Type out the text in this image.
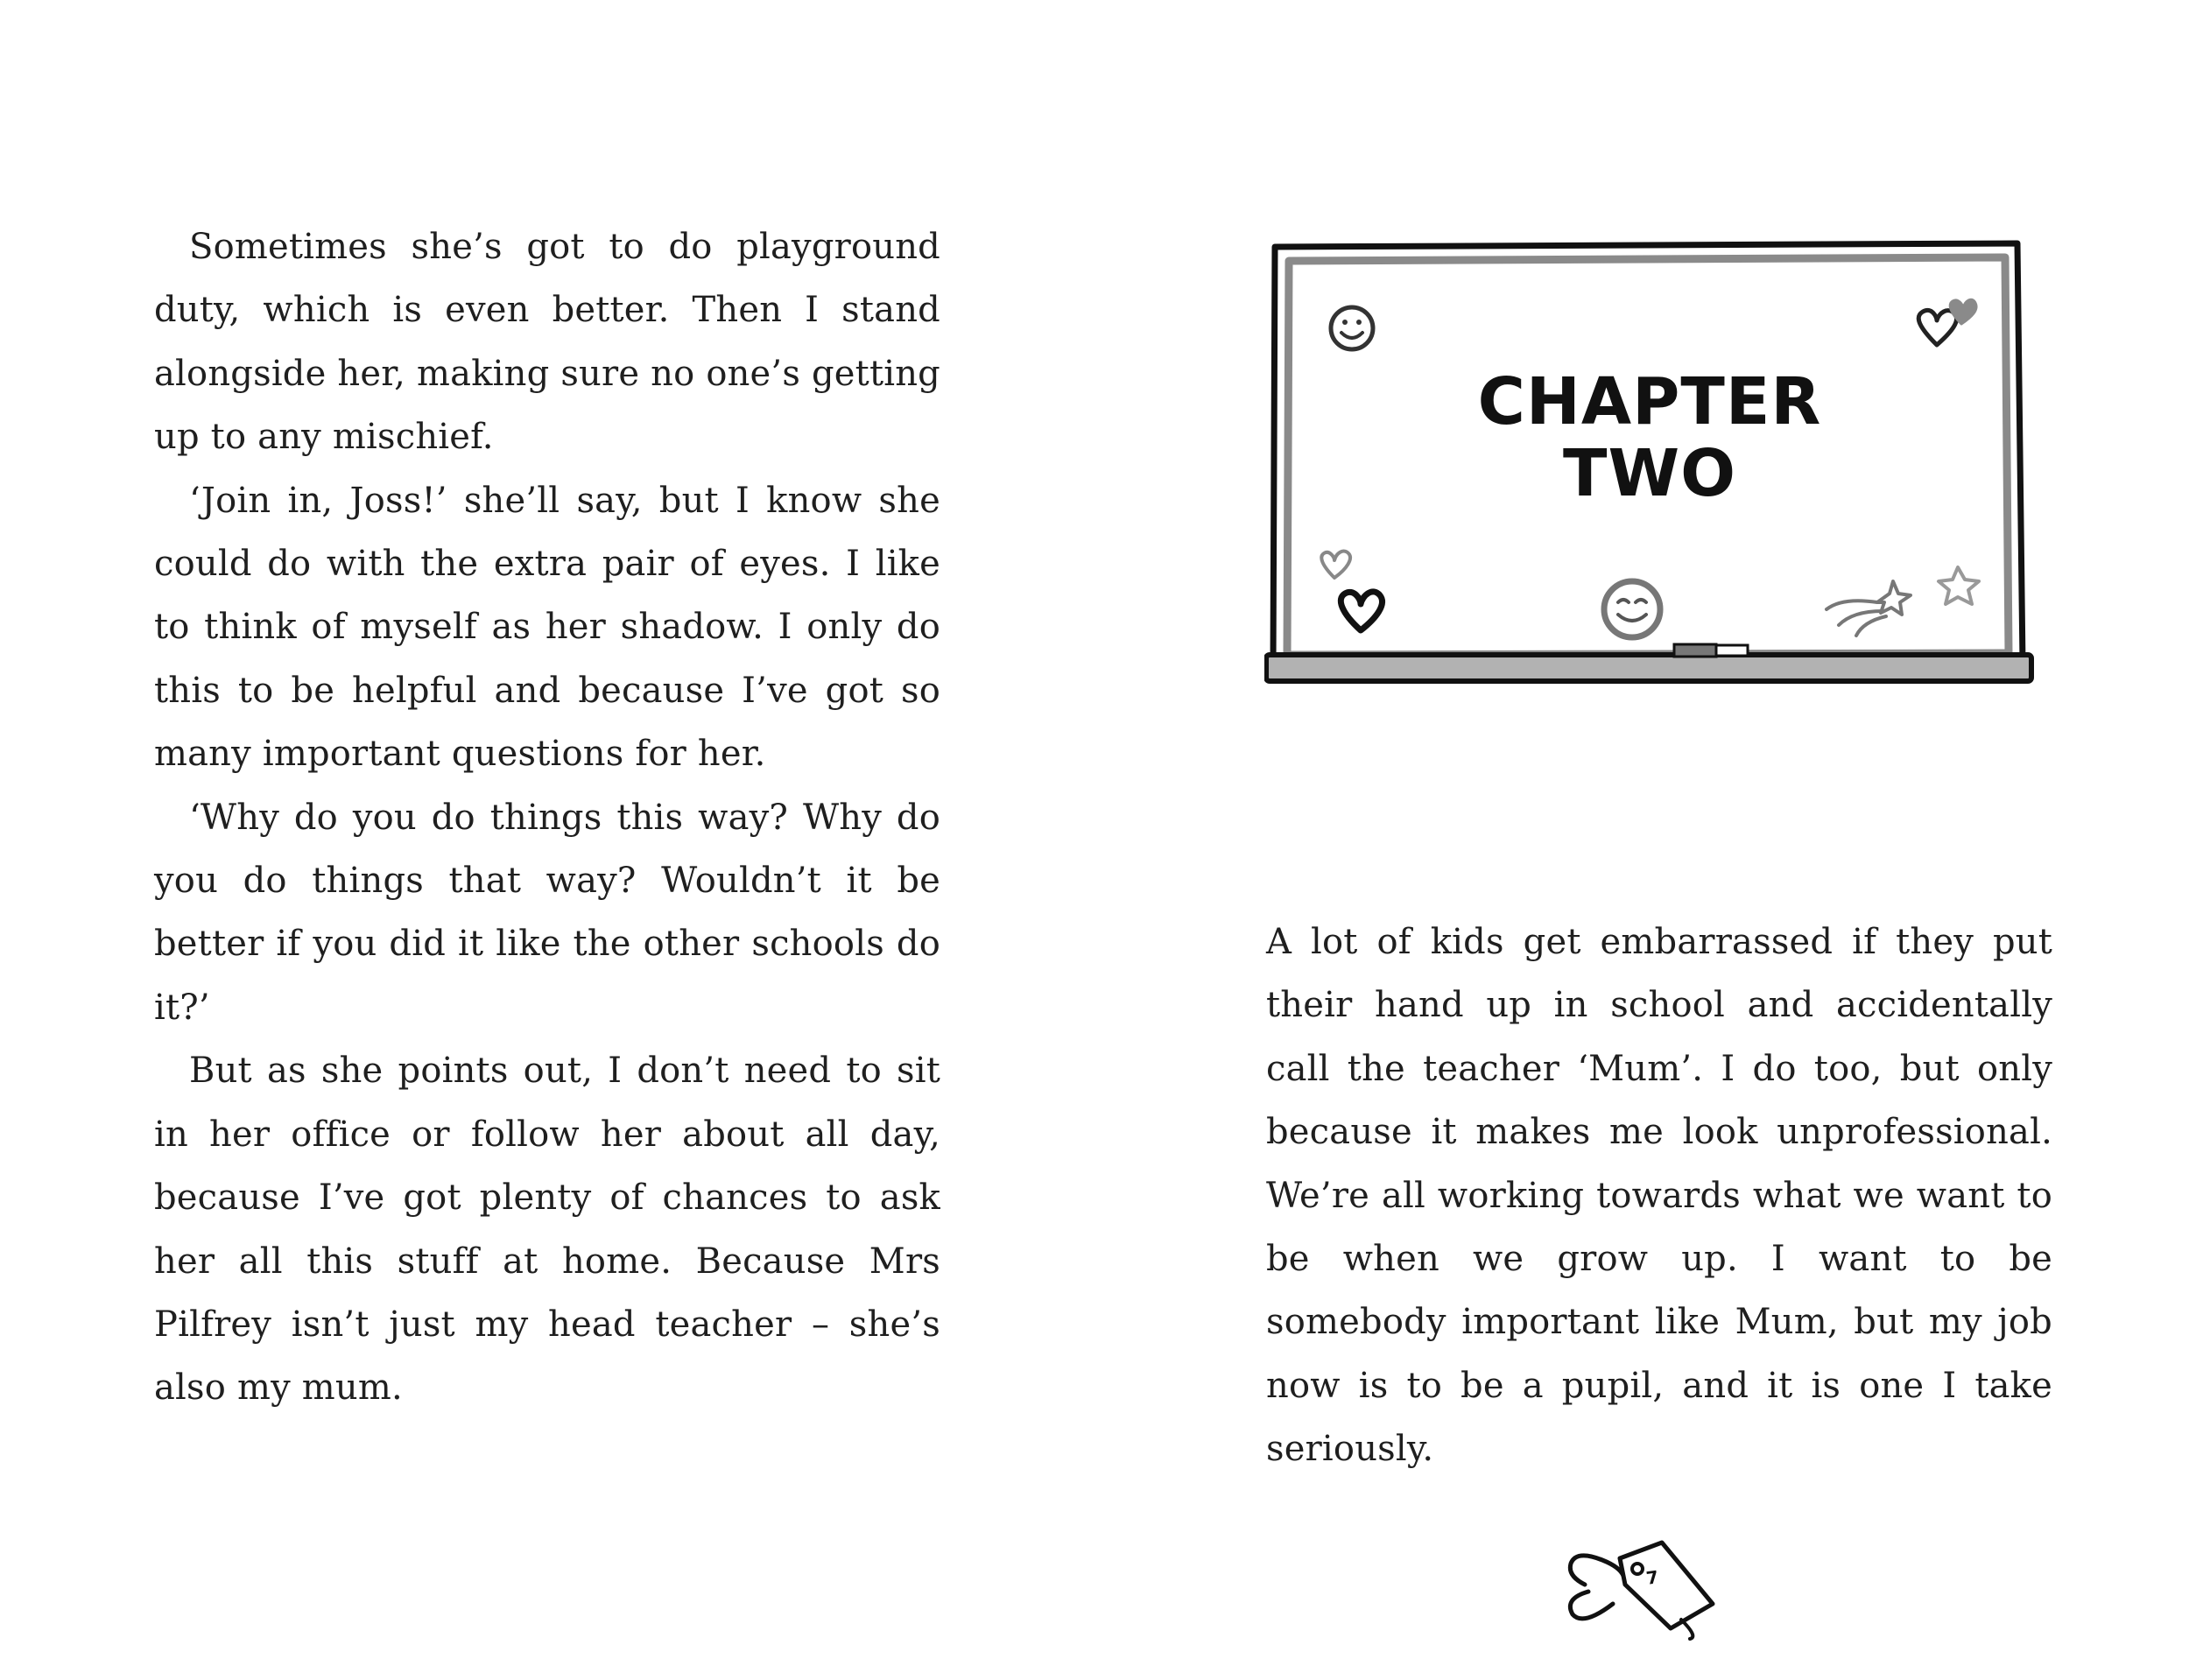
Sometimes she’s got to do playground duty, which is even better. Then I stand alongside her, making sure no one’s getting up to any mischief.

‘Join in, Joss!’ she’ll say, but I know she could do with the extra pair of eyes. I like to think of myself as her shadow. I only do this to be helpful and because I’ve got so many important questions for her.

‘Why do you do things this way? Why do you do things that way? Wouldn’t it be better if you did it like the other schools do it?’

But as she points out, I don’t need to sit in her office or follow her about all day, because I’ve got plenty of chances to ask her all this stuff at home. Because Mrs Pilfrey isn’t just my head teacher – she’s also my mum.

CHAPTER
TWO

A lot of kids get embarrassed if they put their hand up in school and accidentally call the teacher ‘Mum’. I do too, but only because it makes me look unprofessional. We’re all working towards what we want to be when we grow up. I want to be somebody important like Mum, but my job now is to be a pupil, and it is one I take seriously.

7
